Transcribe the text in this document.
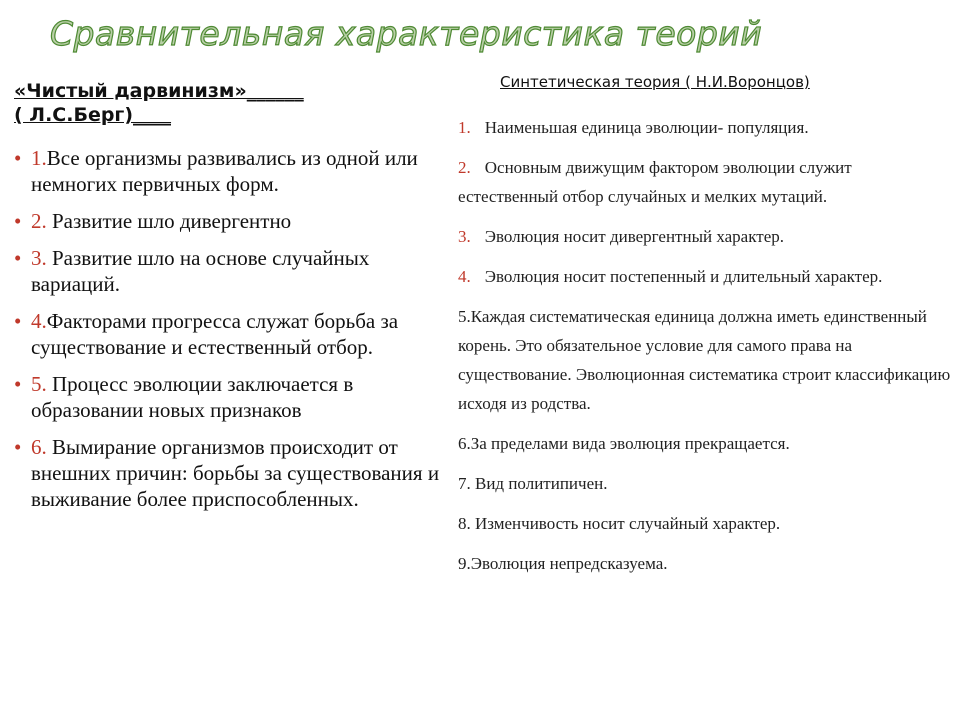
Сравнительная характеристика теорий
«Чистый дарвинизм»______
( Л.С.Берг)____
• 1.Все организмы развивались из одной или немногих первичных форм.
• 2. Развитие шло дивергентно
• 3. Развитие шло на основе случайных вариаций.
• 4.Факторами прогресса служат борьба за существование и естественный отбор.
• 5. Процесс эволюции заключается в образовании новых признаков
• 6. Вымирание организмов происходит от внешних причин: борьбы за существования и выживание более приспособленных.
Синтетическая теория ( Н.И.Воронцов)
1. Наименьшая единица эволюции- популяция.
2. Основным движущим фактором эволюции служит естественный отбор случайных и мелких мутаций.
3. Эволюция носит дивергентный характер.
4. Эволюция носит постепенный и длительный характер.
5.Каждая систематическая единица должна иметь единственный корень. Это обязательное условие для самого права на существование. Эволюционная систематика строит классификацию исходя из родства.
6.За пределами вида эволюция прекращается.
7. Вид политипичен.
8. Изменчивость носит случайный характер.
9.Эволюция непредсказуема.
